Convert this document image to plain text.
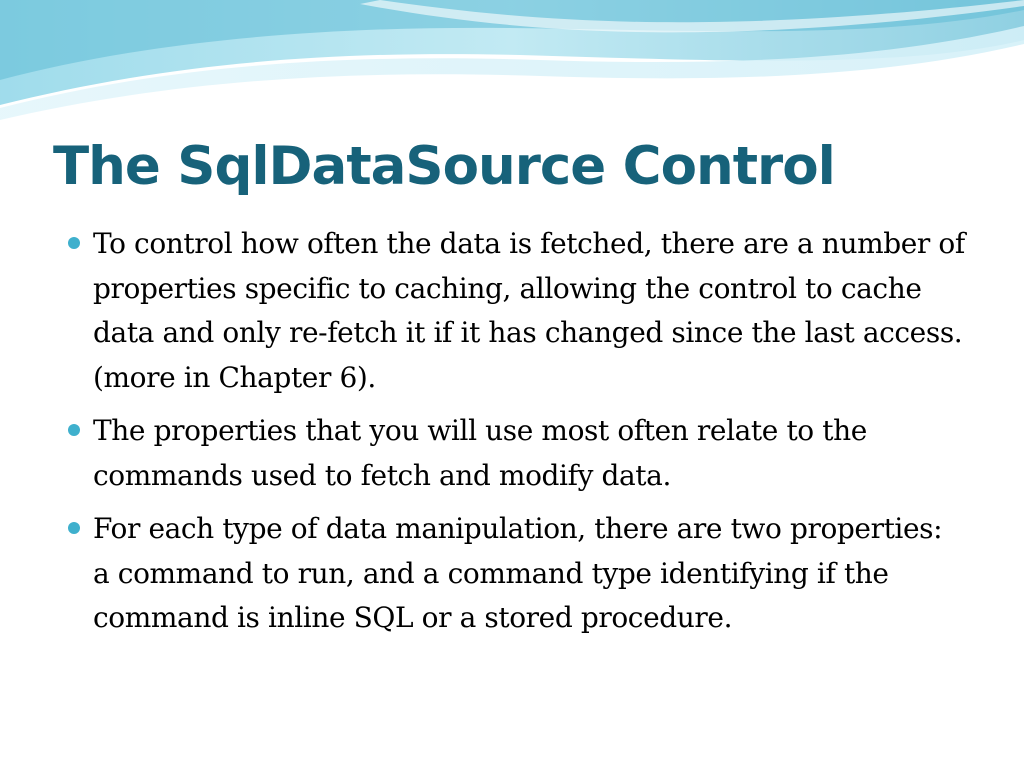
The SqlDataSource Control
To control how often the data is fetched, there are a number of properties specific to caching, allowing the control to cache data and only re-fetch it if it has changed since the last access. (more in Chapter 6).
The properties that you will use most often relate to the commands used to fetch and modify data.
For each type of data manipulation, there are two properties: a command to run, and a command type identifying if the command is inline SQL or a stored procedure.
